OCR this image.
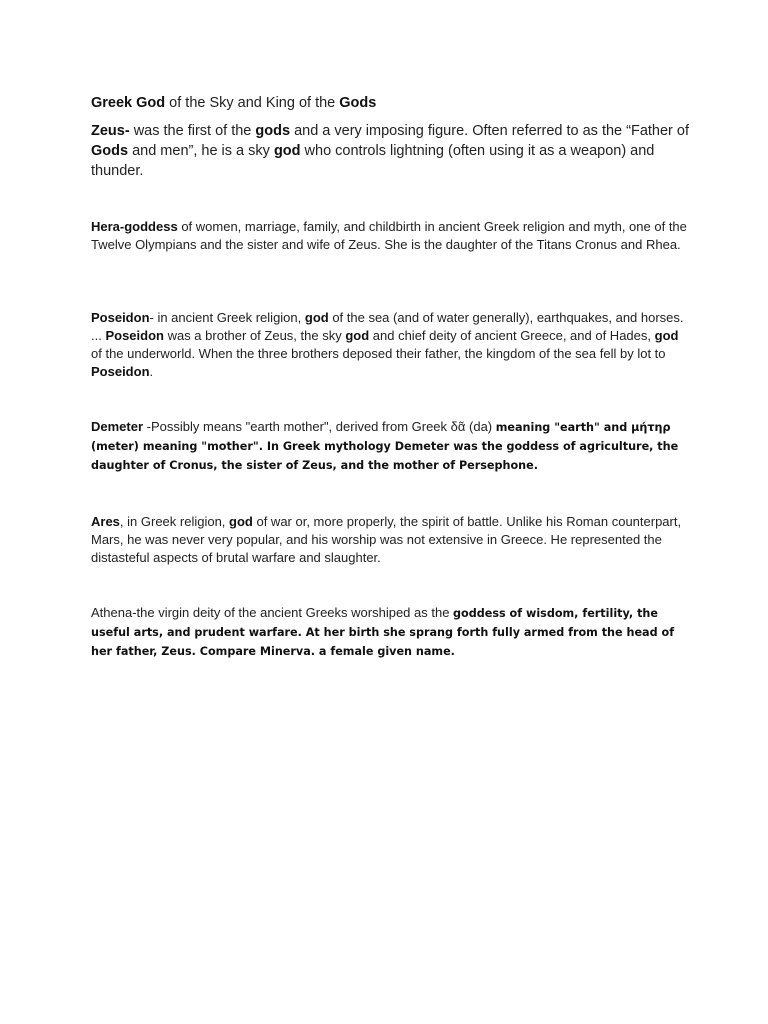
Greek God of the Sky and King of the Gods

Zeus- was the first of the gods and a very imposing figure. Often referred to as the “Father of Gods and men”, he is a sky god who controls lightning (often using it as a weapon) and thunder.

Hera-goddess of women, marriage, family, and childbirth in ancient Greek religion and myth, one of the Twelve Olympians and the sister and wife of Zeus. She is the daughter of the Titans Cronus and Rhea.

Poseidon- in ancient Greek religion, god of the sea (and of water generally), earthquakes, and horses. ... Poseidon was a brother of Zeus, the sky god and chief deity of ancient Greece, and of Hades, god of the underworld. When the three brothers deposed their father, the kingdom of the sea fell by lot to Poseidon.

Demeter -Possibly means "earth mother", derived from Greek δᾶ (da) meaning "earth" and μήτηρ (meter) meaning "mother". In Greek mythology Demeter was the goddess of agriculture, the daughter of Cronus, the sister of Zeus, and the mother of Persephone.

Ares, in Greek religion, god of war or, more properly, the spirit of battle. Unlike his Roman counterpart, Mars, he was never very popular, and his worship was not extensive in Greece. He represented the distasteful aspects of brutal warfare and slaughter.

Athena-the virgin deity of the ancient Greeks worshiped as the goddess of wisdom, fertility, the useful arts, and prudent warfare. At her birth she sprang forth fully armed from the head of her father, Zeus. Compare Minerva. a female given name.
